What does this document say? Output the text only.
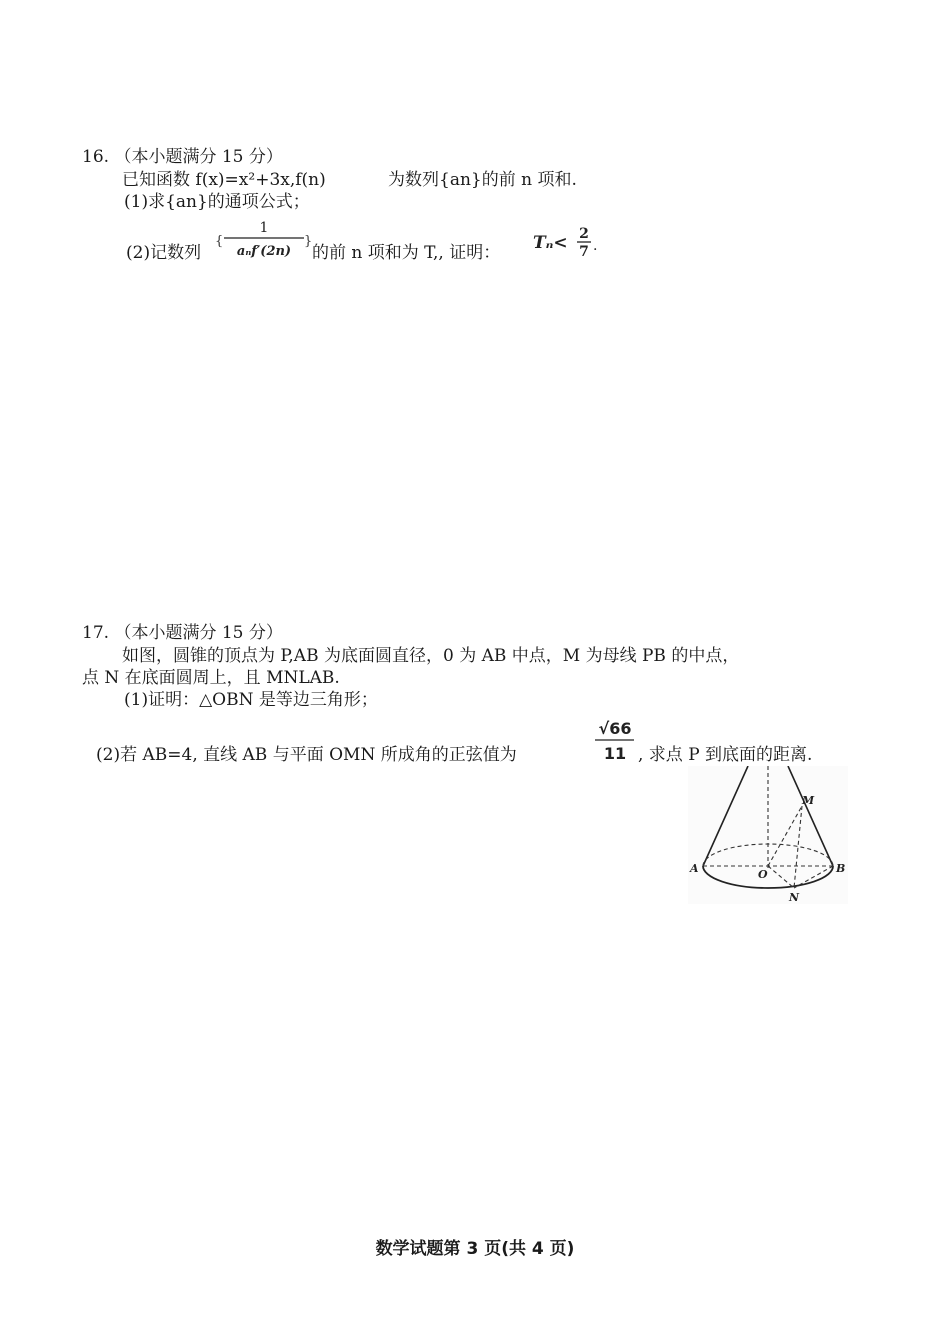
16. （本小题满分 15 分）
已知函数 f(x)=x²+3x,f(n)	为数列{an}的前 n 项和.
(1)求{an}的通项公式；
(2)记数列
{
1
aₙf′(2n)
}
的前 n 项和为 T,, 证明： Tₙ< 2
7 .
17. （本小题满分 15 分）
如图，圆锥的顶点为 P,AB 为底面圆直径，0 为 AB 中点，M 为母线 PB 的中点，
点 N 在底面圆周上，且 MNLAB.
(1)证明：△OBN 是等边三角形；
(2)若 AB=4, 直线 AB 与平面 OMN 所成角的正弦值为
√66
11 , 求点 P 到底面的距离.
A	B
O
M
N
数学试题第 3 页(共 4 页)
